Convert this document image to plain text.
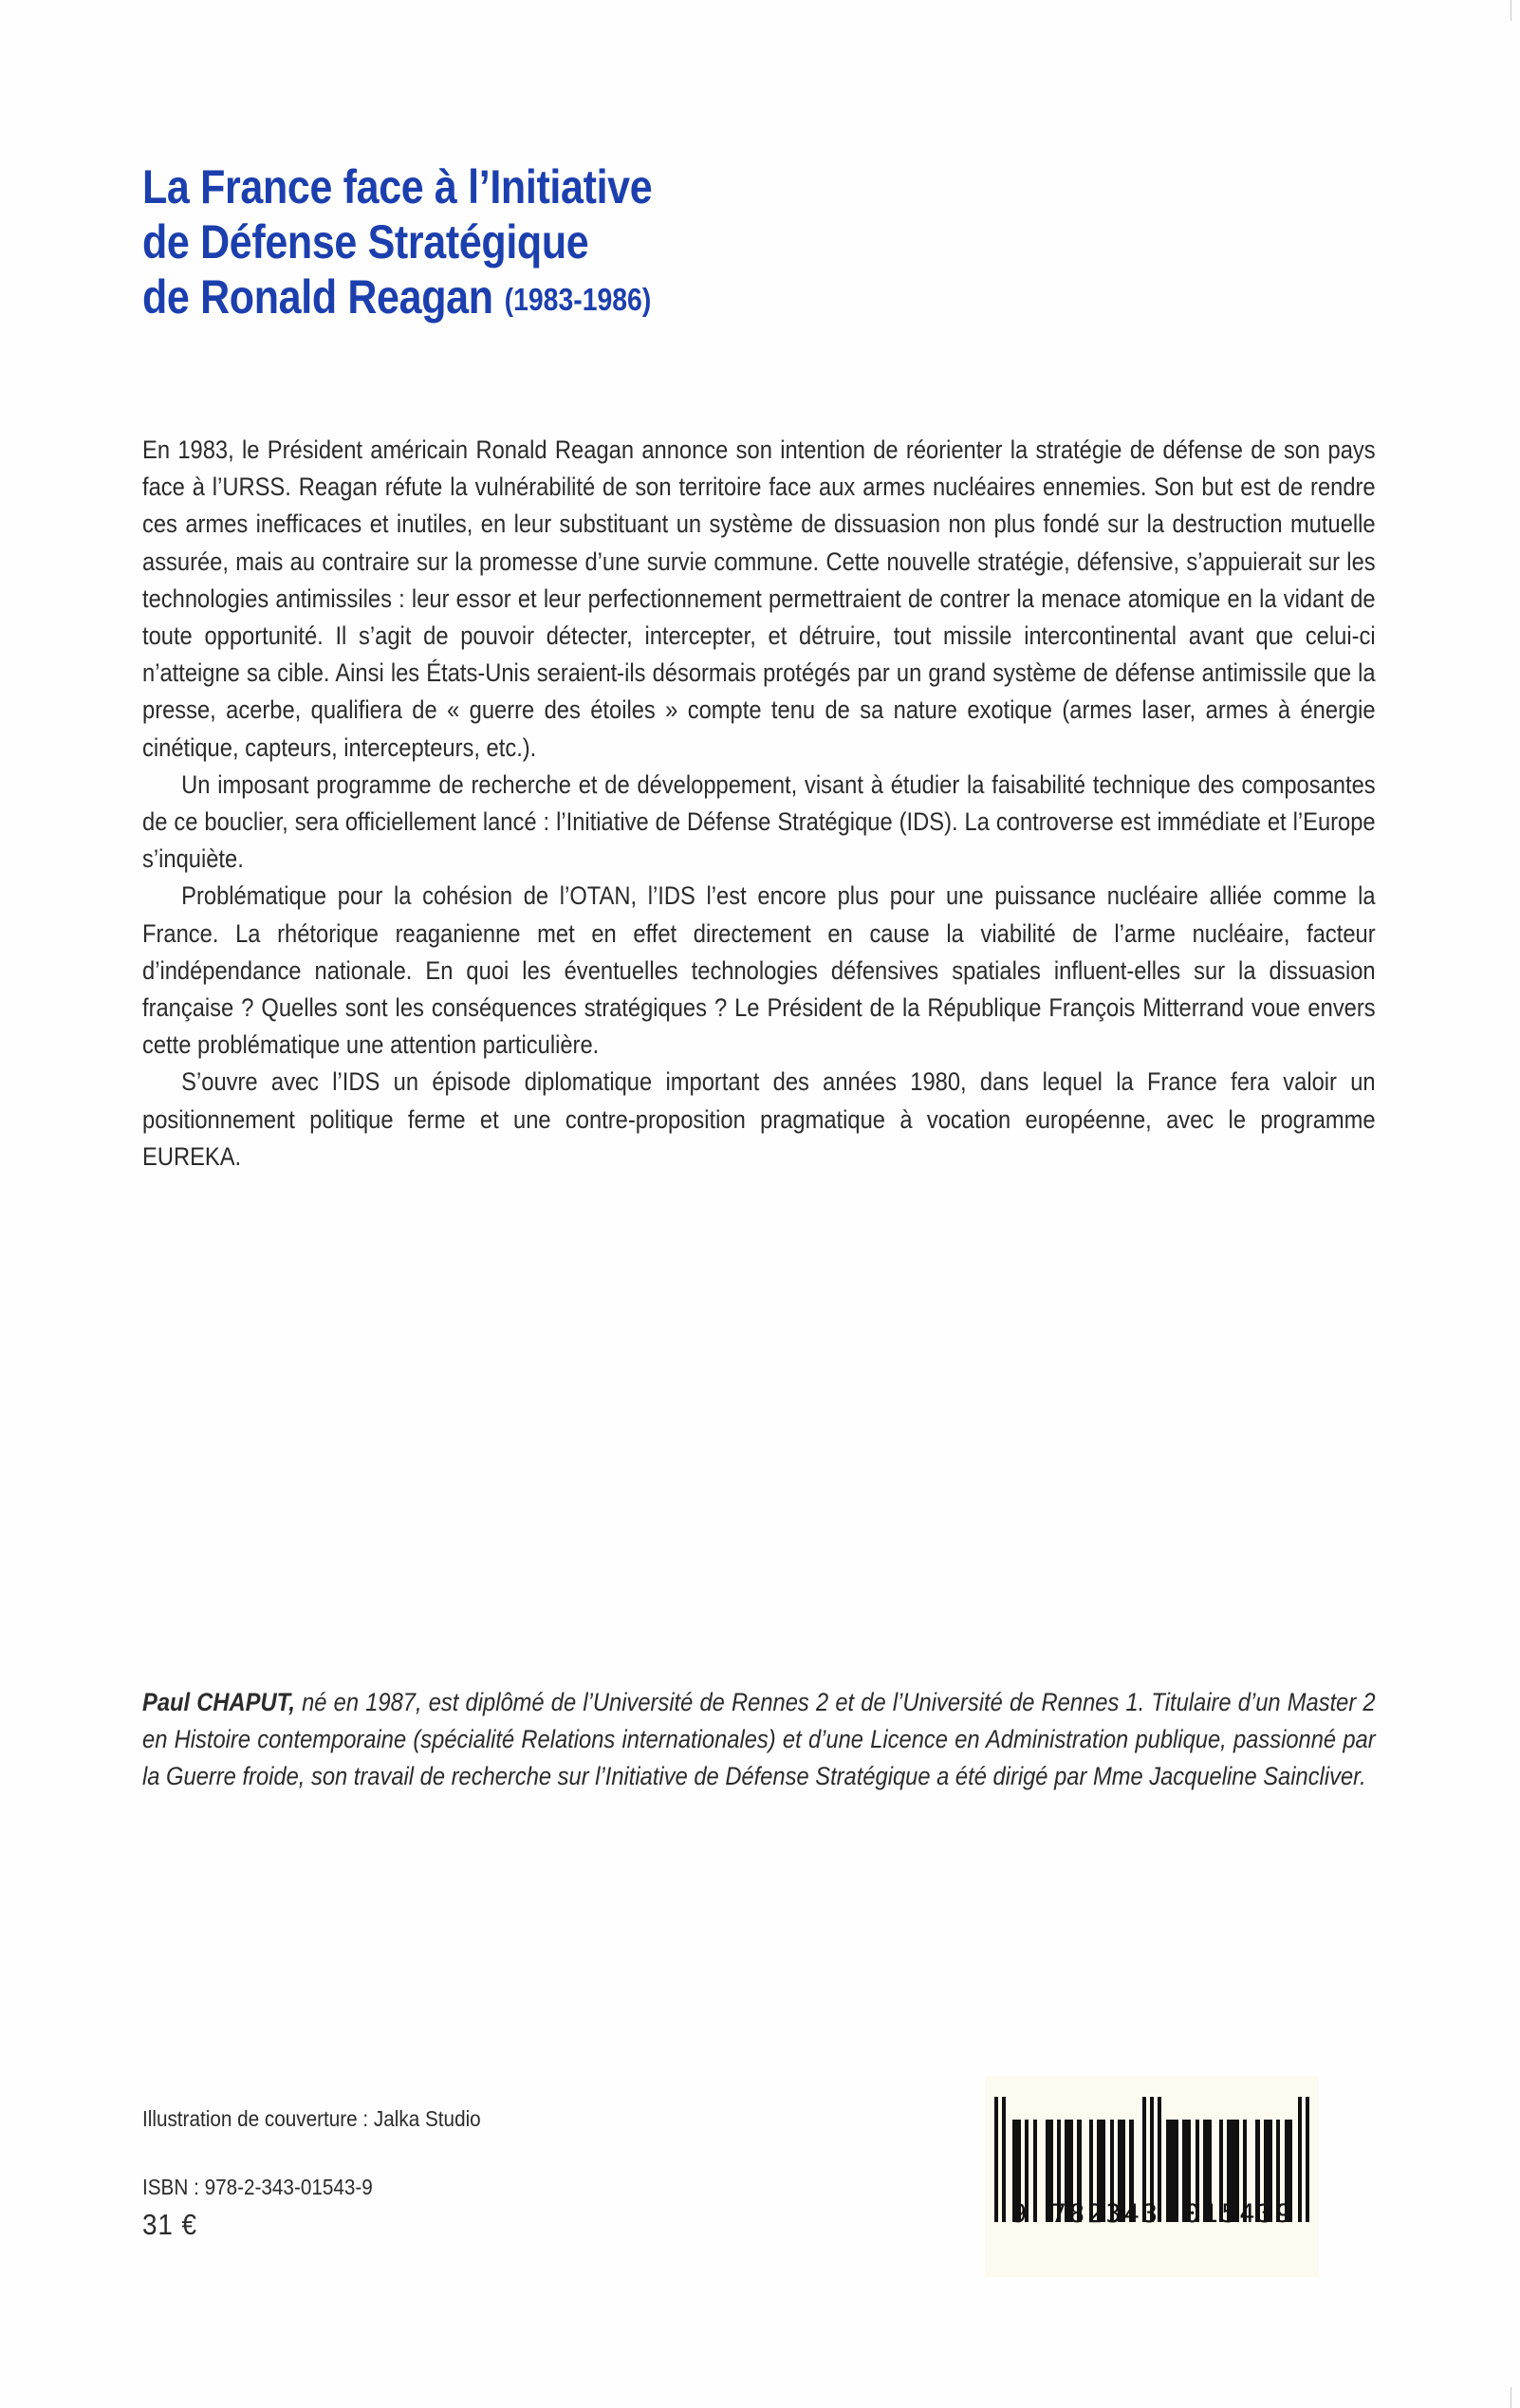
La France face à l’Initiative
de Défense Stratégique
de Ronald Reagan (1983-1986)

En 1983, le Président américain Ronald Reagan annonce son intention de réorienter la stratégie de défense de son pays face à l’URSS. Reagan réfute la vulnérabilité de son territoire face aux armes nucléaires ennemies. Son but est de rendre ces armes inefficaces et inutiles, en leur substituant un système de dissuasion non plus fondé sur la destruction mutuelle assurée, mais au contraire sur la promesse d’une survie commune. Cette nouvelle stratégie, défensive, s’appuierait sur les technologies antimissiles : leur essor et leur perfectionnement permettraient de contrer la menace atomique en la vidant de toute opportunité. Il s’agit de pouvoir détecter, intercepter, et détruire, tout missile intercontinental avant que celui-ci n’atteigne sa cible. Ainsi les États-Unis seraient-ils désormais protégés par un grand système de défense antimissile que la presse, acerbe, qualifiera de « guerre des étoiles » compte tenu de sa nature exotique (armes laser, armes à énergie cinétique, capteurs, intercepteurs, etc.).

Un imposant programme de recherche et de développement, visant à étudier la faisabilité technique des composantes de ce bouclier, sera officiellement lancé : l’Initiative de Défense Stratégique (IDS). La controverse est immédiate et l’Europe s’inquiète.

Problématique pour la cohésion de l’OTAN, l’IDS l’est encore plus pour une puissance nucléaire alliée comme la France. La rhétorique reaganienne met en effet directement en cause la viabilité de l’arme nucléaire, facteur d’indépendance nationale. En quoi les éventuelles technologies défensives spatiales influent-elles sur la dissuasion française ? Quelles sont les conséquences stratégiques ? Le Président de la République François Mitterrand voue envers cette problématique une attention particulière.

S’ouvre avec l’IDS un épisode diplomatique important des années 1980, dans lequel la France fera valoir un positionnement politique ferme et une contre-proposition pragmatique à vocation européenne, avec le programme EUREKA.

Paul CHAPUT, né en 1987, est diplômé de l’Université de Rennes 2 et de l’Université de Rennes 1. Titulaire d’un Master 2 en Histoire contemporaine (spécialité Relations internationales) et d’une Licence en Administration publique, passionné par la Guerre froide, son travail de recherche sur l’Initiative de Défense Stratégique a été dirigé par Mme Jacqueline Saincliver.

Illustration de couverture : Jalka Studio
ISBN : 978-2-343-01543-9
31 €	9 782343 015439
